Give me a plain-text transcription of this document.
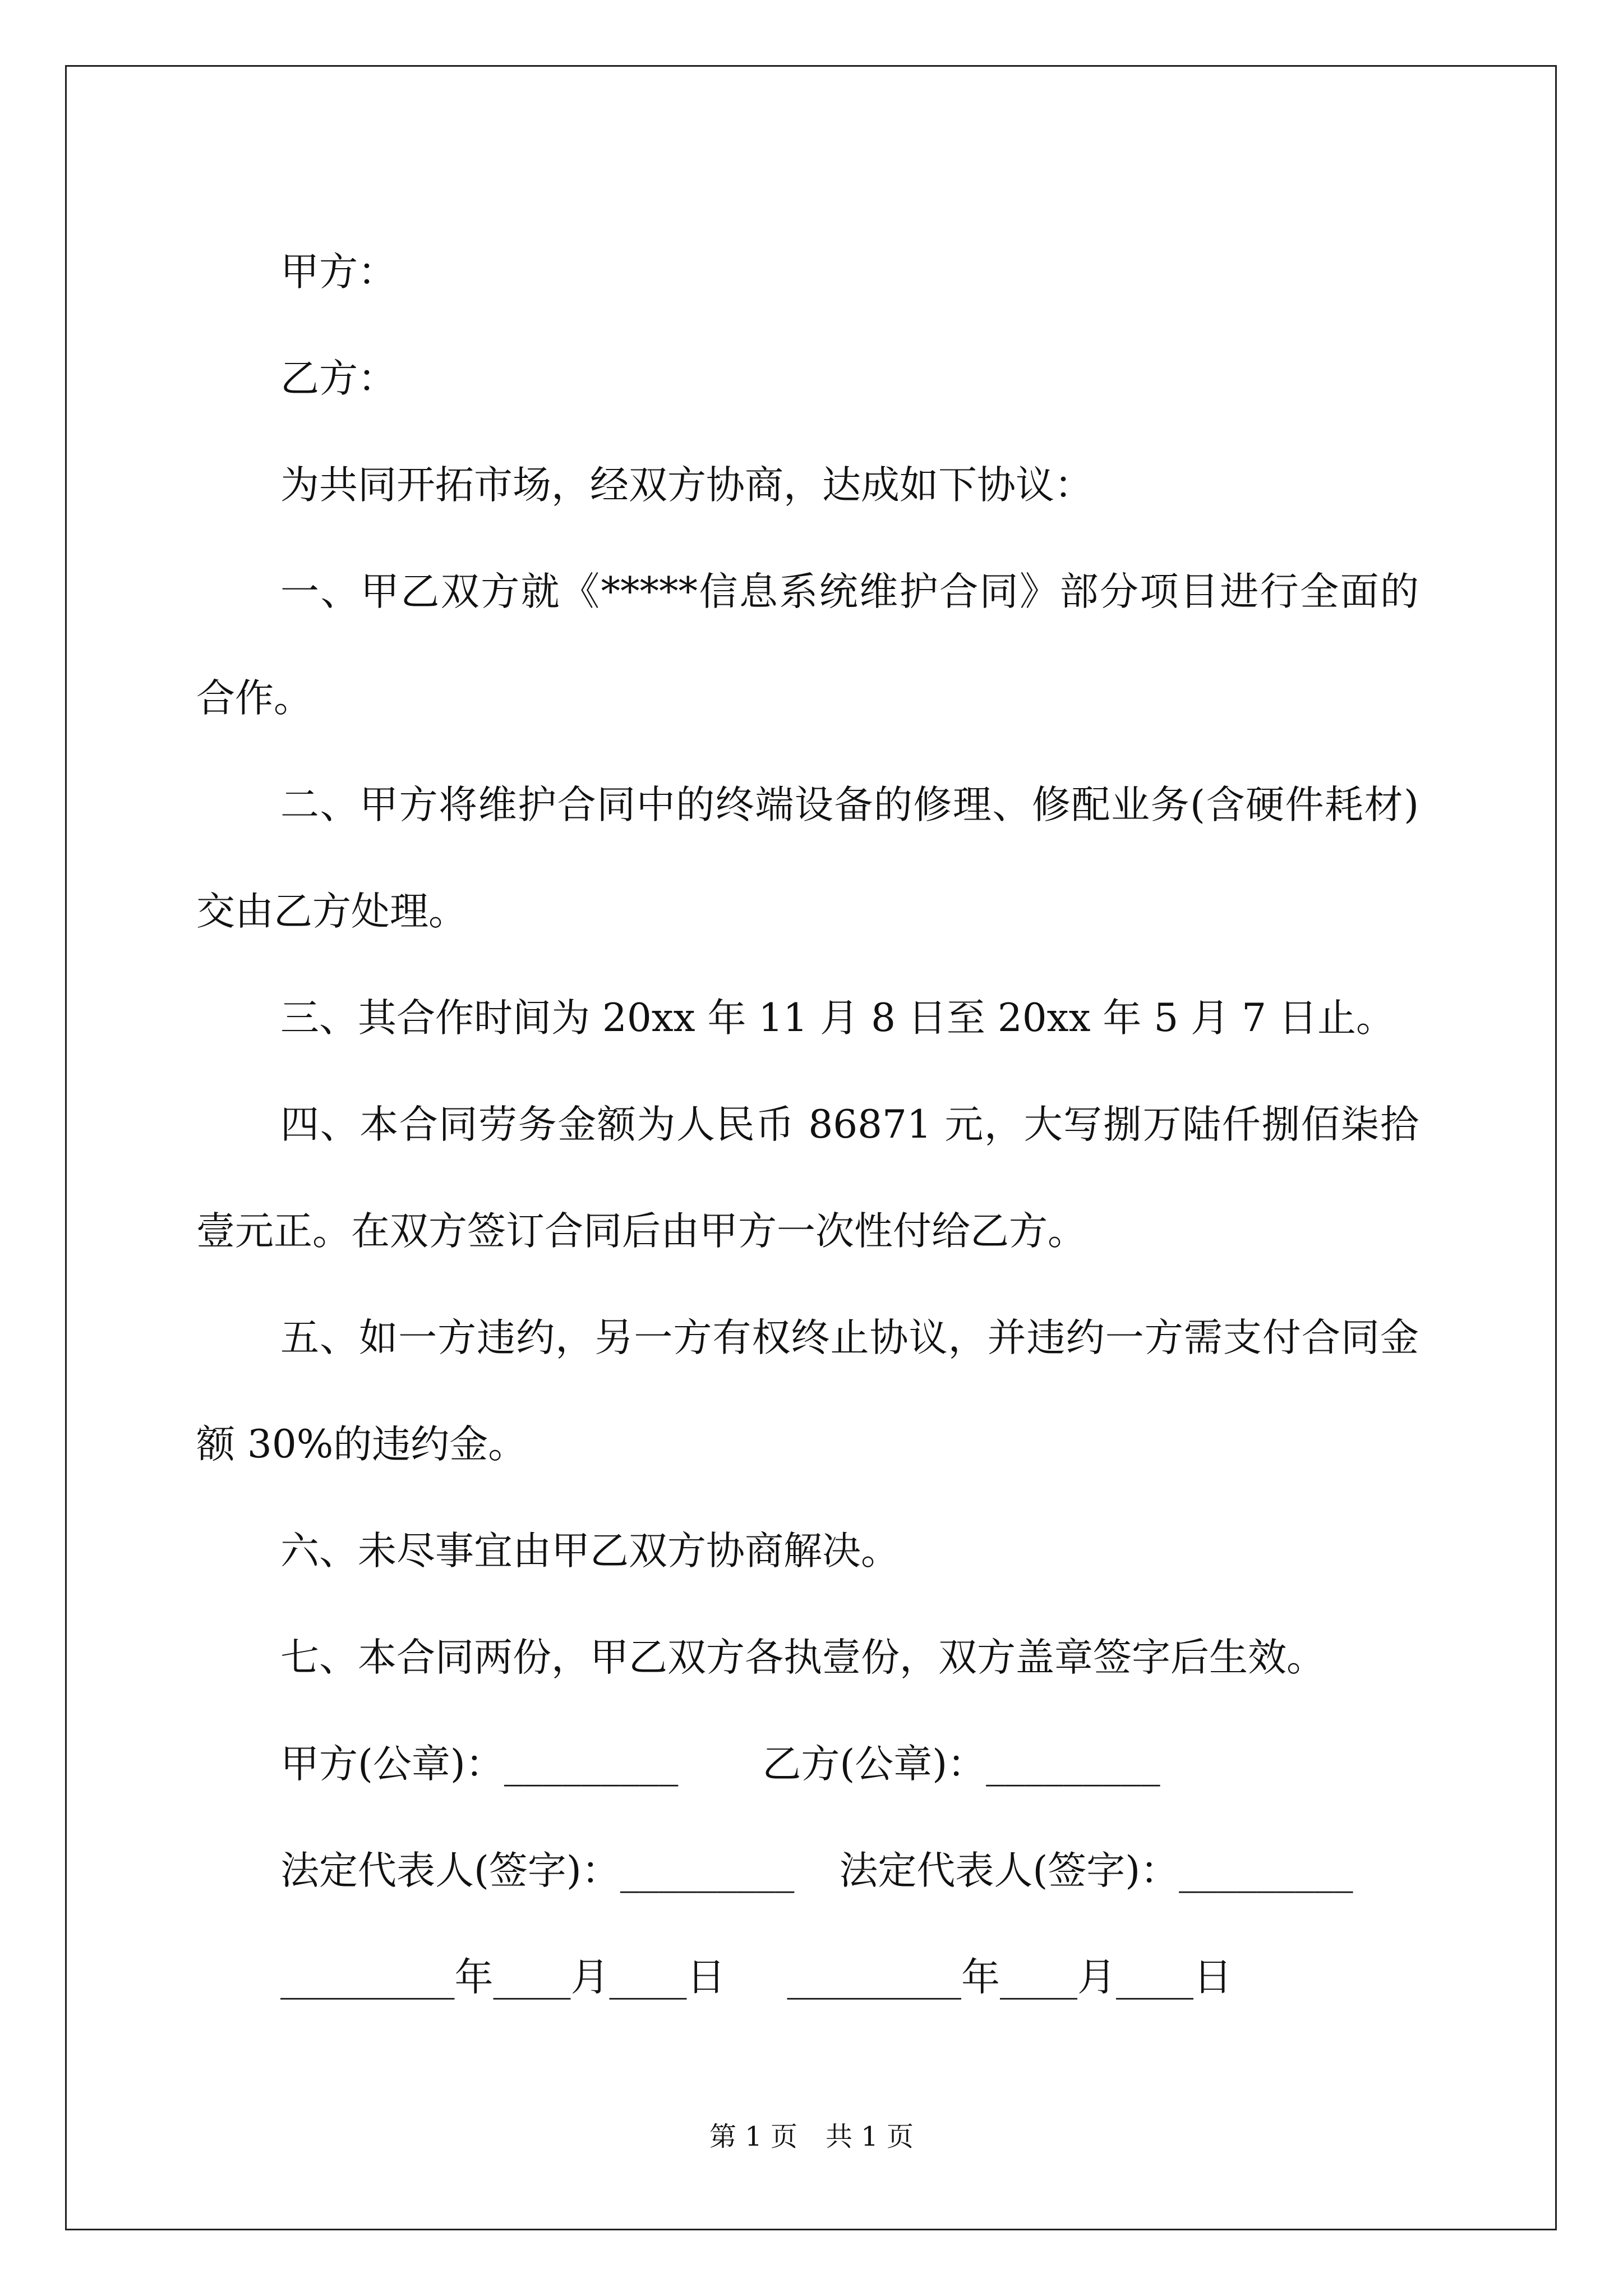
甲方：

乙方：

为共同开拓市场，经双方协商，达成如下协议：

一、甲乙双方就《*****信息系统维护合同》部分项目进行全面的合作。

二、甲方将维护合同中的终端设备的修理、修配业务(含硬件耗材)交由乙方处理。

三、其合作时间为 20xx 年 11 月 8 日至 20xx 年 5 月 7 日止。

四、本合同劳务金额为人民币 86871 元，大写捌万陆仟捌佰柒拾壹元正。在双方签订合同后由甲方一次性付给乙方。

五、如一方违约，另一方有权终止协议，并违约一方需支付合同金额 30%的违约金。

六、未尽事宜由甲乙双方协商解决。

七、本合同两份，甲乙双方各执壹份，双方盖章签字后生效。

甲方(公章)：_________ 乙方(公章)：_________

法定代表人(签字)：_________ 法定代表人(签字)：_________

_________年____月____日 _________年____月____日

第 1 页 共 1 页
